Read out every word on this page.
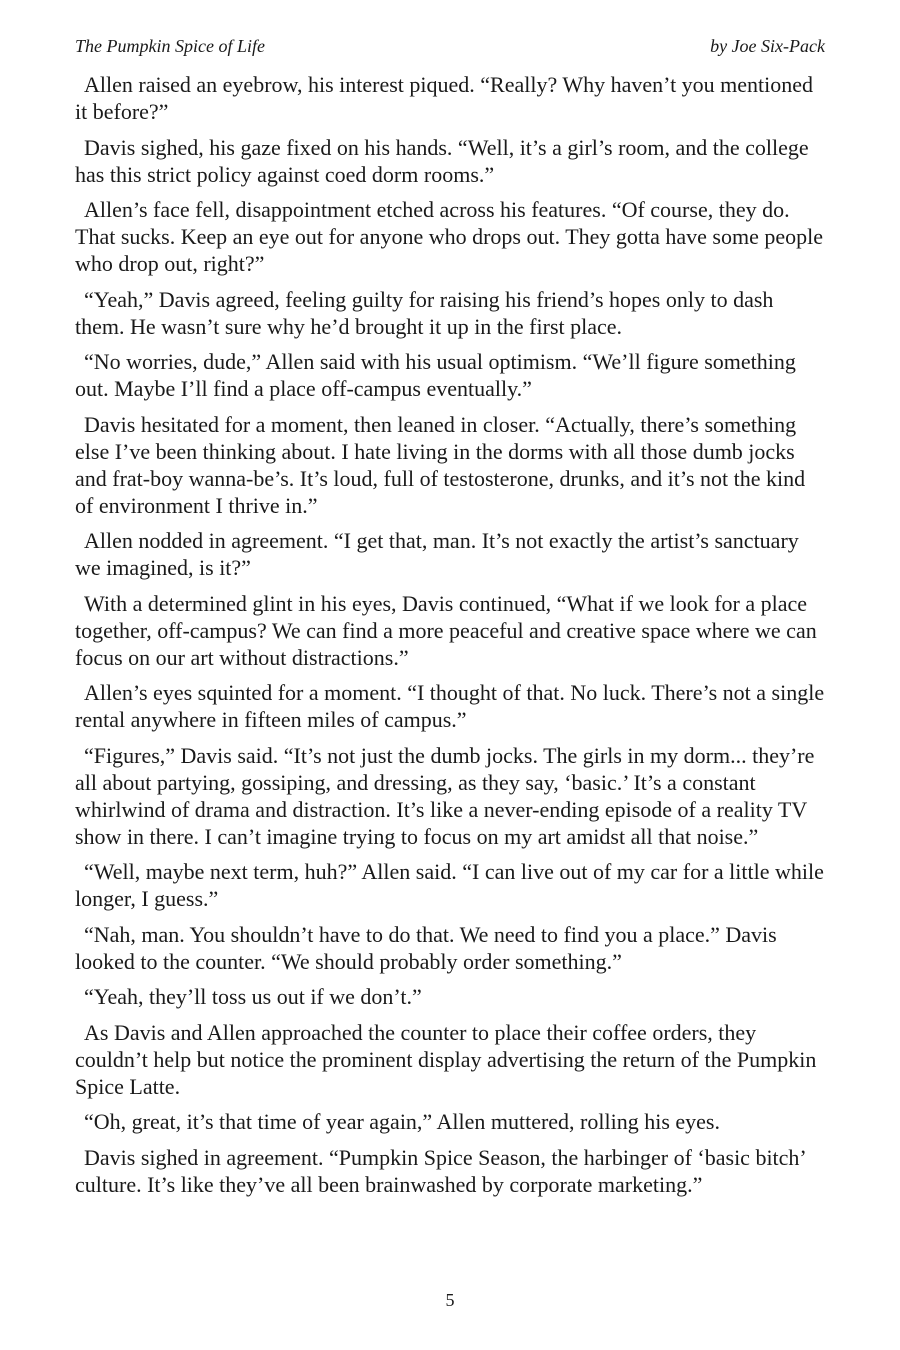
The Pumpkin Spice of Life	by Joe Six-Pack

Allen raised an eyebrow, his interest piqued. “Really? Why haven’t you mentioned it before?”

Davis sighed, his gaze fixed on his hands. “Well, it’s a girl’s room, and the college has this strict policy against coed dorm rooms.”

Allen’s face fell, disappointment etched across his features. “Of course, they do. That sucks. Keep an eye out for anyone who drops out. They gotta have some people who drop out, right?”

“Yeah,” Davis agreed, feeling guilty for raising his friend’s hopes only to dash them. He wasn’t sure why he’d brought it up in the first place.

“No worries, dude,” Allen said with his usual optimism. “We’ll figure something out. Maybe I’ll find a place off-campus eventually.”

Davis hesitated for a moment, then leaned in closer. “Actually, there’s something else I’ve been thinking about. I hate living in the dorms with all those dumb jocks and frat-boy wanna-be’s. It’s loud, full of testosterone, drunks, and it’s not the kind of environment I thrive in.”

Allen nodded in agreement. “I get that, man. It’s not exactly the artist’s sanctuary we imagined, is it?”

With a determined glint in his eyes, Davis continued, “What if we look for a place together, off-campus? We can find a more peaceful and creative space where we can focus on our art without distractions.”

Allen’s eyes squinted for a moment. “I thought of that. No luck. There’s not a single rental anywhere in fifteen miles of campus.”

“Figures,” Davis said. “It’s not just the dumb jocks. The girls in my dorm... they’re all about partying, gossiping, and dressing, as they say, ‘basic.’ It’s a constant whirlwind of drama and distraction. It’s like a never-ending episode of a reality TV show in there. I can’t imagine trying to focus on my art amidst all that noise.”

“Well, maybe next term, huh?” Allen said. “I can live out of my car for a little while longer, I guess.”

“Nah, man. You shouldn’t have to do that. We need to find you a place.” Davis looked to the counter. “We should probably order something.”

“Yeah, they’ll toss us out if we don’t.”

As Davis and Allen approached the counter to place their coffee orders, they couldn’t help but notice the prominent display advertising the return of the Pumpkin Spice Latte.

“Oh, great, it’s that time of year again,” Allen muttered, rolling his eyes.

Davis sighed in agreement. “Pumpkin Spice Season, the harbinger of ‘basic bitch’ culture. It’s like they’ve all been brainwashed by corporate marketing.”

5
